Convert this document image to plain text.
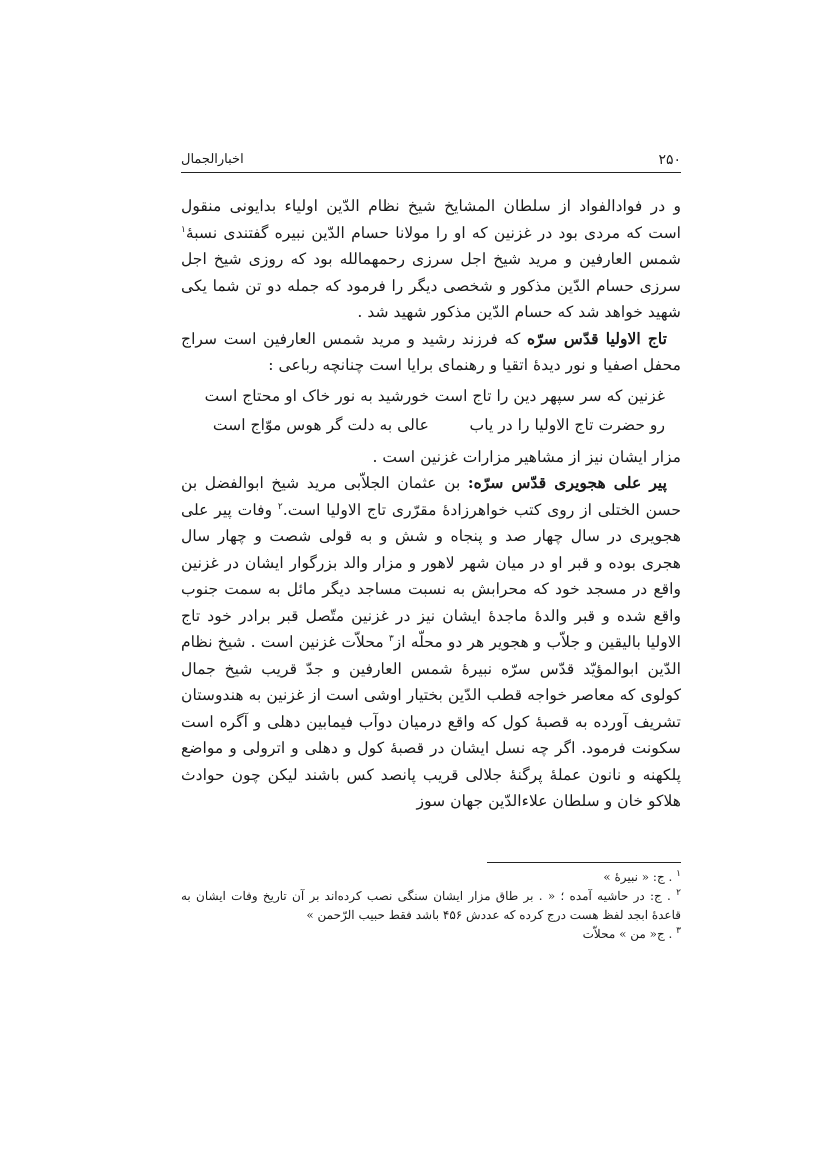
۲۵۰
اخبارالجمال

و در فوادالفواد از سلطان المشایخ شیخ نظام الدّین اولیاء بدایونی منقول است که مردی بود در غزنین که او را مولانا حسام الدّین نبیره گفتندی نسبهٔ$^۱$ شمس العارفین و مرید شیخ اجل سرزی رحمهمالله بود که روزی شیخ اجل سرزی حسام الدّین مذکور و شخصی دیگر را فرمود که جمله دو تن شما یکی شهید خواهد شد که حسام الدّین مذکور شهید شد .

تاج الاولیا قدّس سرّه که فرزند رشید و مرید شمس العارفین است سراج محفل اصفیا و نور دیدهٔ اتقیا و رهنمای برایا است چنانچه رباعی :

غزنین که سر سپهر دین را تاج است
خورشید به نور خاک او محتاج است
رو حضرت تاج الاولیا را در یاب
عالی به دلت گر هوس موّاج است

مزار ایشان نیز از مشاهیر مزارات غزنین است .

پیر علی هجویری قدّس سرّه: بن عثمان الجلاّبی مرید شیخ ابوالفضل بن حسن الختلی از روی کتب خواهرزادهٔ مقرّری تاج الاولیا است.$^۲$ وفات پیر علی هجویری در سال چهار صد و پنجاه و شش و به قولی شصت و چهار سال هجری بوده و قبر او در میان شهر لاهور و مزار والد بزرگوار ایشان در غزنین واقع در مسجد خود که محرابش به نسبت مساجد دیگر مائل به سمت جنوب واقع شده و قبر والدهٔ ماجدهٔ ایشان نیز در غزنین متّصل قبر برادر خود تاج الاولیا بالیقین و جلاّب و هجویر هر دو محلّه از$^۳$ محلاّت غزنین است . شیخ نظام الدّین ابوالمؤیّد قدّس سرّه نبیرهٔ شمس العارفین و جدّ قریب شیخ جمال کولوی که معاصر خواجه قطب الدّین بختیار اوشی است از غزنین به هندوستان تشریف آورده به قصبهٔ کول که واقع درمیان دوآب فیمابین دهلی و آگره است سکونت فرمود. اگر چه نسل ایشان در قصبهٔ کول و دهلی و اترولی و مواضع پلکهنه و نانون عملهٔ پرگنهٔ جلالی قریب پانصد کس باشند لیکن چون حوادث هلاکو خان و سلطان علاءالدّین جهان سوز

$^۱$ . ج: « نبیرهٔ »

$^۲$ . ج: در حاشیه آمده ؛ « . بر طاق مزار ایشان سنگی نصب کرده‌اند بر آن تاریخ وفات ایشان به قاعدهٔ ابجد لفظ هست درج کرده که عددش ۴۵۶ باشد فقط حبیب الرّحمن »

$^۳$ . ج« من » محلاّت
